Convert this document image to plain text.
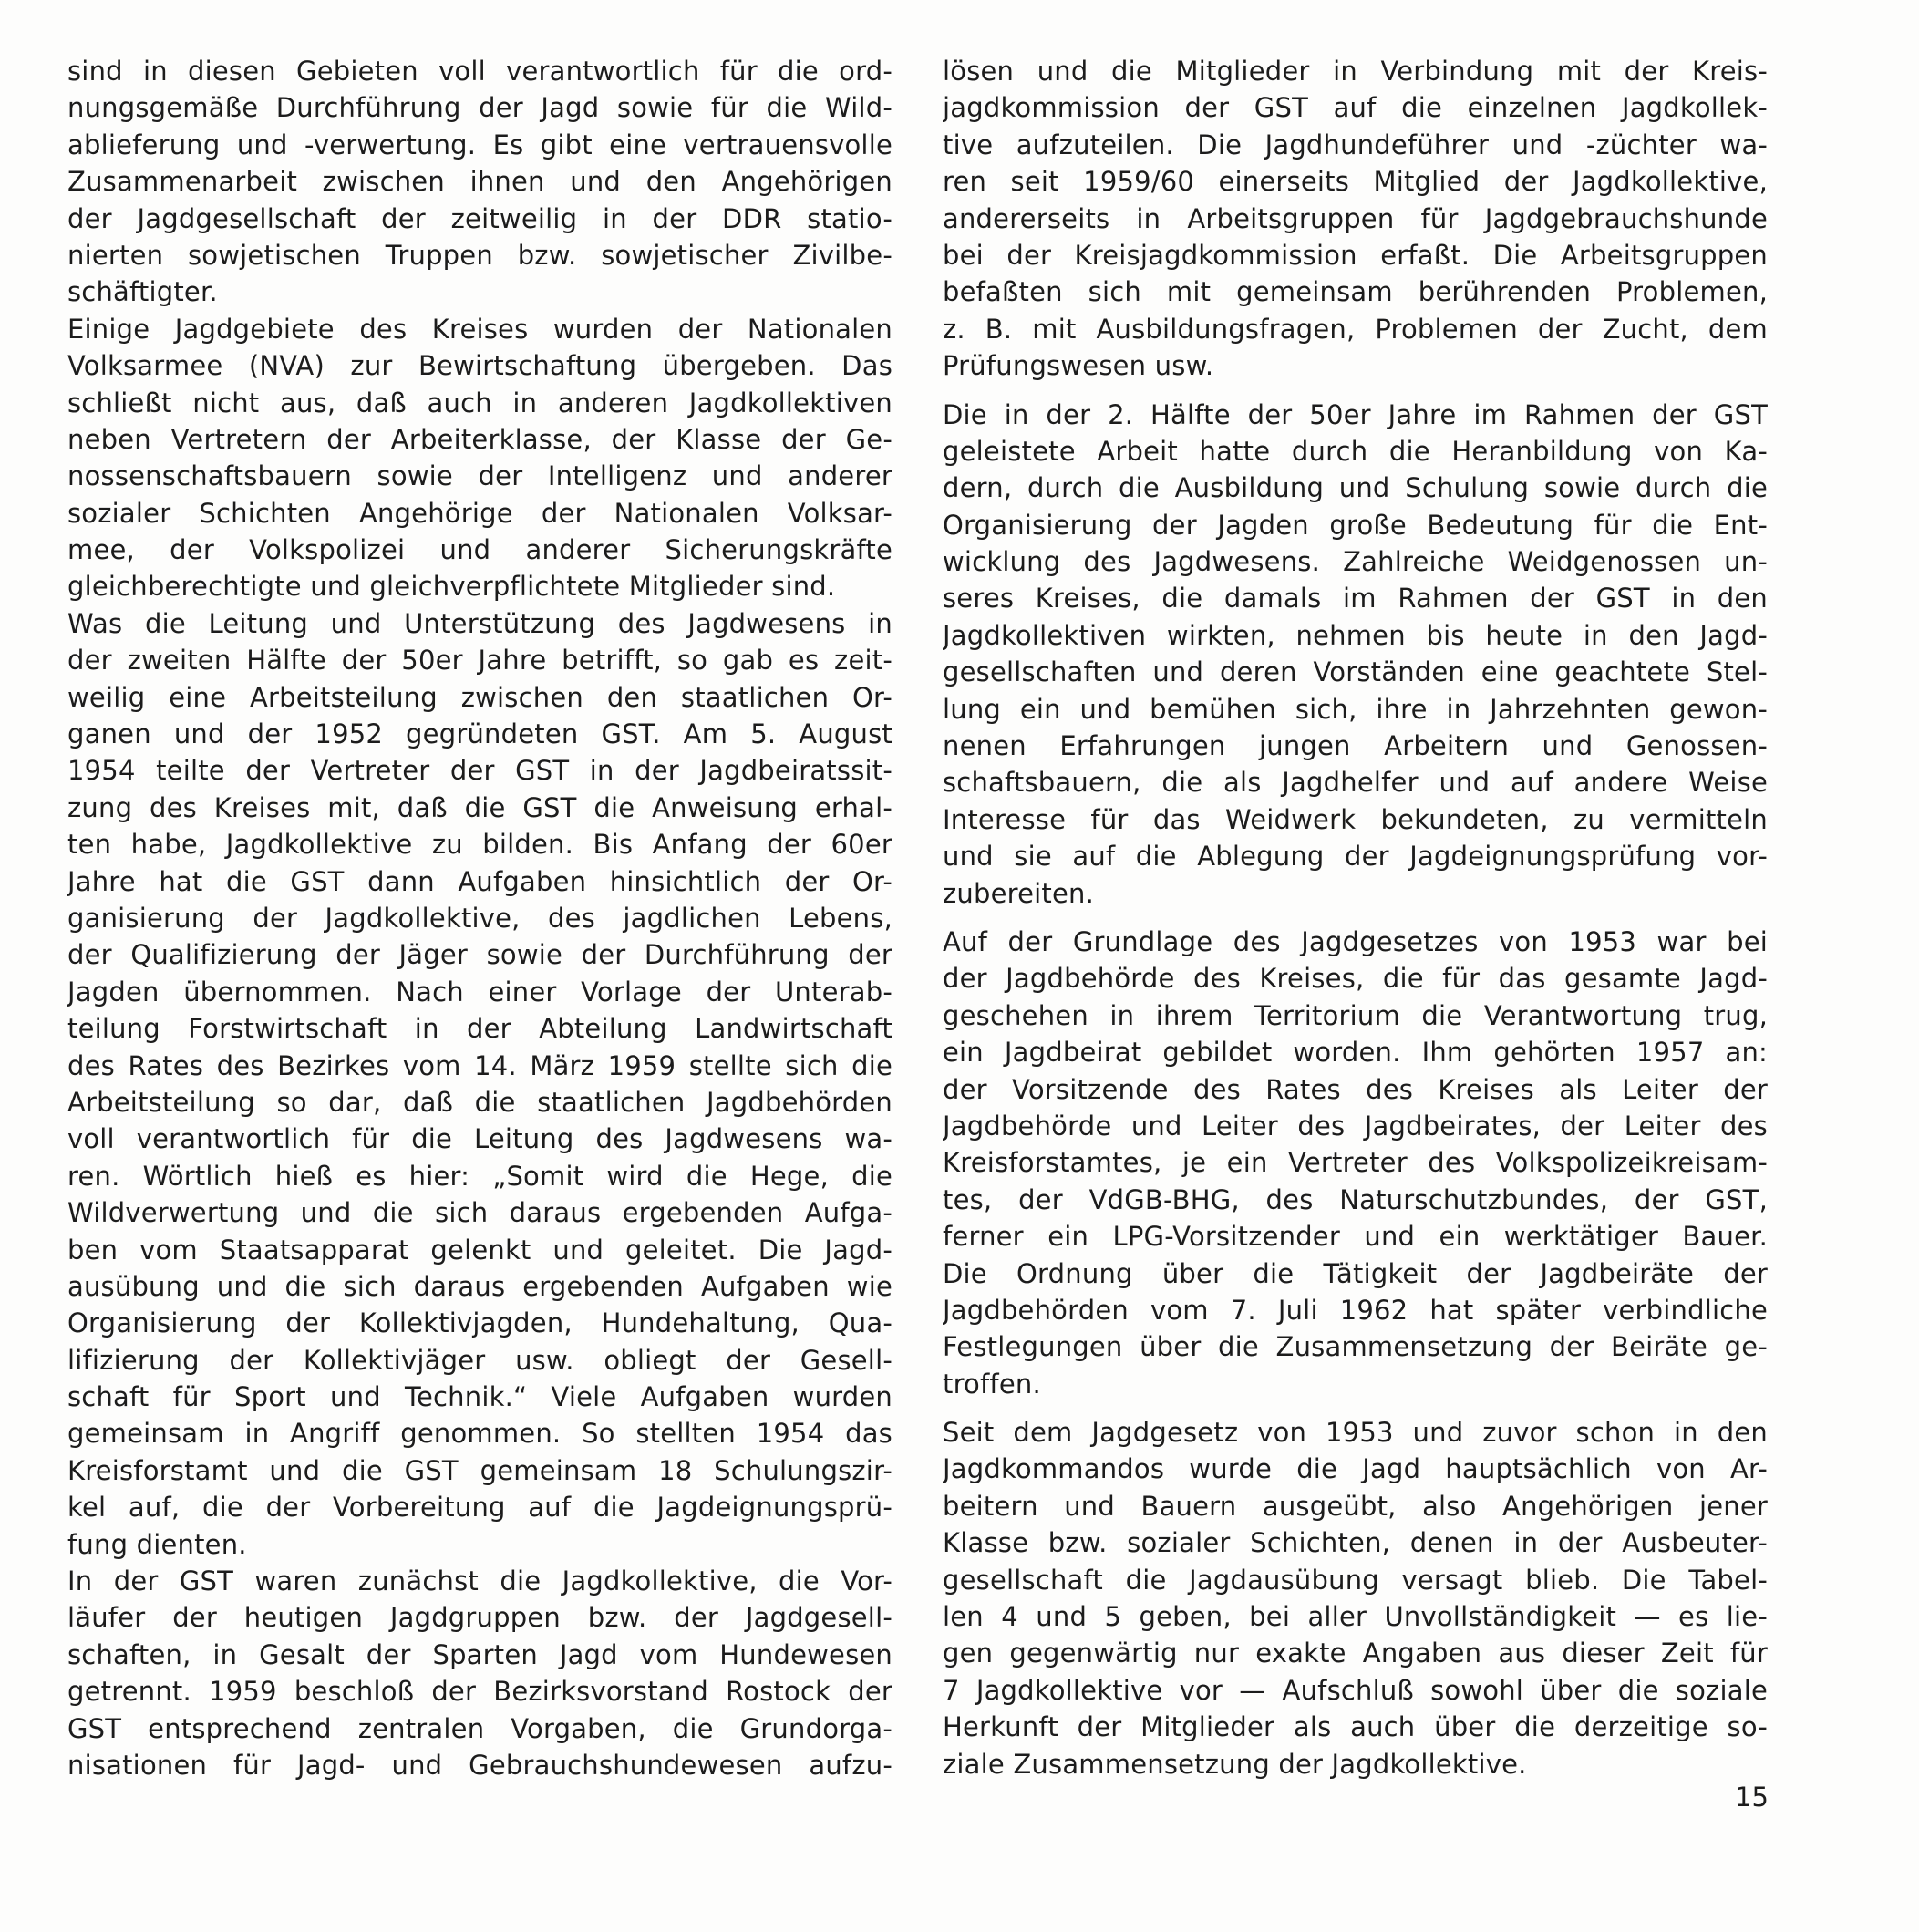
sind in diesen Gebieten voll verantwortlich für die ord-
nungsgemäße Durchführung der Jagd sowie für die Wild-
ablieferung und -verwertung. Es gibt eine vertrauensvolle
Zusammenarbeit zwischen ihnen und den Angehörigen
der Jagdgesellschaft der zeitweilig in der DDR statio-
nierten sowjetischen Truppen bzw. sowjetischer Zivilbe-
schäftigter.
Einige Jagdgebiete des Kreises wurden der Nationalen
Volksarmee (NVA) zur Bewirtschaftung übergeben. Das
schließt nicht aus, daß auch in anderen Jagdkollektiven
neben Vertretern der Arbeiterklasse, der Klasse der Ge-
nossenschaftsbauern sowie der Intelligenz und anderer
sozialer Schichten Angehörige der Nationalen Volksar-
mee, der Volkspolizei und anderer Sicherungskräfte
gleichberechtigte und gleichverpflichtete Mitglieder sind.
Was die Leitung und Unterstützung des Jagdwesens in
der zweiten Hälfte der 50er Jahre betrifft, so gab es zeit-
weilig eine Arbeitsteilung zwischen den staatlichen Or-
ganen und der 1952 gegründeten GST. Am 5. August
1954 teilte der Vertreter der GST in der Jagdbeiratssit-
zung des Kreises mit, daß die GST die Anweisung erhal-
ten habe, Jagdkollektive zu bilden. Bis Anfang der 60er
Jahre hat die GST dann Aufgaben hinsichtlich der Or-
ganisierung der Jagdkollektive, des jagdlichen Lebens,
der Qualifizierung der Jäger sowie der Durchführung der
Jagden übernommen. Nach einer Vorlage der Unterab-
teilung Forstwirtschaft in der Abteilung Landwirtschaft
des Rates des Bezirkes vom 14. März 1959 stellte sich die
Arbeitsteilung so dar, daß die staatlichen Jagdbehörden
voll verantwortlich für die Leitung des Jagdwesens wa-
ren. Wörtlich hieß es hier: „Somit wird die Hege, die
Wildverwertung und die sich daraus ergebenden Aufga-
ben vom Staatsapparat gelenkt und geleitet. Die Jagd-
ausübung und die sich daraus ergebenden Aufgaben wie
Organisierung der Kollektivjagden, Hundehaltung, Qua-
lifizierung der Kollektivjäger usw. obliegt der Gesell-
schaft für Sport und Technik.“ Viele Aufgaben wurden
gemeinsam in Angriff genommen. So stellten 1954 das
Kreisforstamt und die GST gemeinsam 18 Schulungszir-
kel auf, die der Vorbereitung auf die Jagdeignungsprü-
fung dienten.
In der GST waren zunächst die Jagdkollektive, die Vor-
läufer der heutigen Jagdgruppen bzw. der Jagdgesell-
schaften, in Gesalt der Sparten Jagd vom Hundewesen
getrennt. 1959 beschloß der Bezirksvorstand Rostock der
GST entsprechend zentralen Vorgaben, die Grundorga-
nisationen für Jagd- und Gebrauchshundewesen aufzu-
lösen und die Mitglieder in Verbindung mit der Kreis-
jagdkommission der GST auf die einzelnen Jagdkollek-
tive aufzuteilen. Die Jagdhundeführer und -züchter wa-
ren seit 1959/60 einerseits Mitglied der Jagdkollektive,
andererseits in Arbeitsgruppen für Jagdgebrauchshunde
bei der Kreisjagdkommission erfaßt. Die Arbeitsgruppen
befaßten sich mit gemeinsam berührenden Problemen,
z. B. mit Ausbildungsfragen, Problemen der Zucht, dem
Prüfungswesen usw.
Die in der 2. Hälfte der 50er Jahre im Rahmen der GST
geleistete Arbeit hatte durch die Heranbildung von Ka-
dern, durch die Ausbildung und Schulung sowie durch die
Organisierung der Jagden große Bedeutung für die Ent-
wicklung des Jagdwesens. Zahlreiche Weidgenossen un-
seres Kreises, die damals im Rahmen der GST in den
Jagdkollektiven wirkten, nehmen bis heute in den Jagd-
gesellschaften und deren Vorständen eine geachtete Stel-
lung ein und bemühen sich, ihre in Jahrzehnten gewon-
nenen Erfahrungen jungen Arbeitern und Genossen-
schaftsbauern, die als Jagdhelfer und auf andere Weise
Interesse für das Weidwerk bekundeten, zu vermitteln
und sie auf die Ablegung der Jagdeignungsprüfung vor-
zubereiten.
Auf der Grundlage des Jagdgesetzes von 1953 war bei
der Jagdbehörde des Kreises, die für das gesamte Jagd-
geschehen in ihrem Territorium die Verantwortung trug,
ein Jagdbeirat gebildet worden. Ihm gehörten 1957 an:
der Vorsitzende des Rates des Kreises als Leiter der
Jagdbehörde und Leiter des Jagdbeirates, der Leiter des
Kreisforstamtes, je ein Vertreter des Volkspolizeikreisam-
tes, der VdGB-BHG, des Naturschutzbundes, der GST,
ferner ein LPG-Vorsitzender und ein werktätiger Bauer.
Die Ordnung über die Tätigkeit der Jagdbeiräte der
Jagdbehörden vom 7. Juli 1962 hat später verbindliche
Festlegungen über die Zusammensetzung der Beiräte ge-
troffen.
Seit dem Jagdgesetz von 1953 und zuvor schon in den
Jagdkommandos wurde die Jagd hauptsächlich von Ar-
beitern und Bauern ausgeübt, also Angehörigen jener
Klasse bzw. sozialer Schichten, denen in der Ausbeuter-
gesellschaft die Jagdausübung versagt blieb. Die Tabel-
len 4 und 5 geben, bei aller Unvollständigkeit — es lie-
gen gegenwärtig nur exakte Angaben aus dieser Zeit für
7 Jagdkollektive vor — Aufschluß sowohl über die soziale
Herkunft der Mitglieder als auch über die derzeitige so-
ziale Zusammensetzung der Jagdkollektive.
15
